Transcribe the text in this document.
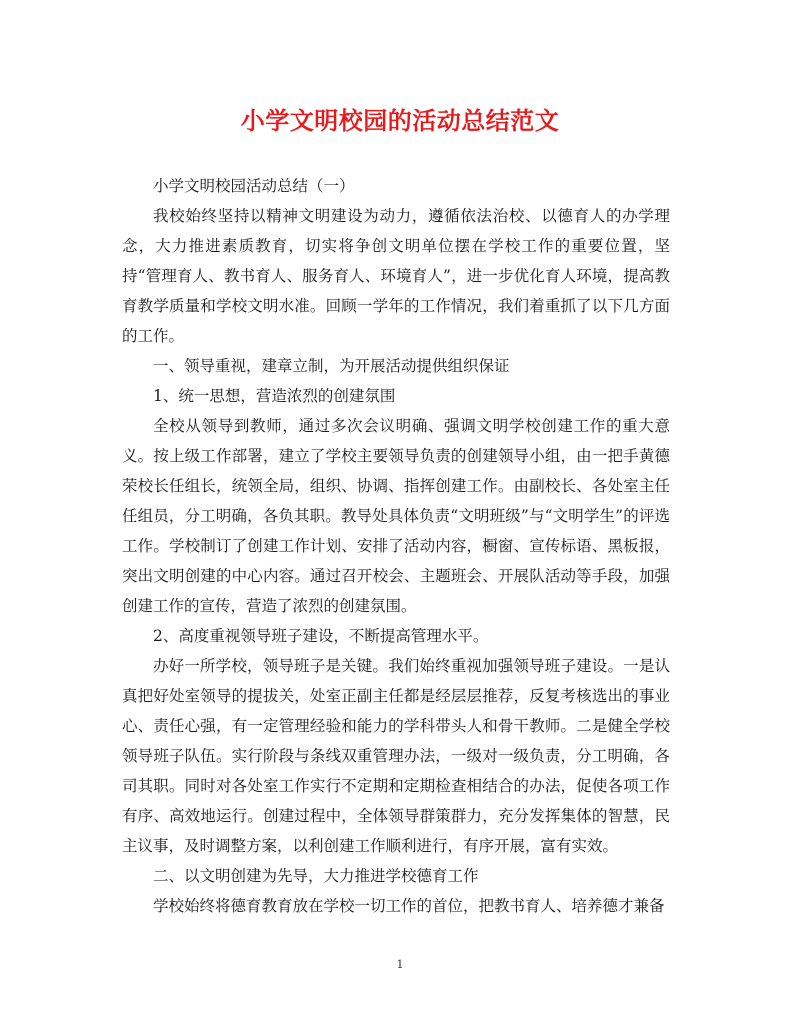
小学文明校园的活动总结范文

小学文明校园活动总结（一）

我校始终坚持以精神文明建设为动力，遵循依法治校、以德育人的办学理念，大力推进素质教育，切实将争创文明单位摆在学校工作的重要位置，坚持“管理育人、教书育人、服务育人、环境育人”，进一步优化育人环境，提高教育教学质量和学校文明水准。回顾一学年的工作情况，我们着重抓了以下几方面的工作。

一、领导重视，建章立制，为开展活动提供组织保证

1、统一思想，营造浓烈的创建氛围

全校从领导到教师，通过多次会议明确、强调文明学校创建工作的重大意义。按上级工作部署，建立了学校主要领导负责的创建领导小组，由一把手黄德荣校长任组长，统领全局，组织、协调、指挥创建工作。由副校长、各处室主任任组员，分工明确，各负其职。教导处具体负责“文明班级”与“文明学生”的评选工作。学校制订了创建工作计划、安排了活动内容，橱窗、宣传标语、黑板报，突出文明创建的中心内容。通过召开校会、主题班会、开展队活动等手段，加强创建工作的宣传，营造了浓烈的创建氛围。

2、高度重视领导班子建设，不断提高管理水平。

办好一所学校，领导班子是关键。我们始终重视加强领导班子建设。一是认真把好处室领导的提拔关，处室正副主任都是经层层推荐，反复考核选出的事业心、责任心强，有一定管理经验和能力的学科带头人和骨干教师。二是健全学校领导班子队伍。实行阶段与条线双重管理办法，一级对一级负责，分工明确，各司其职。同时对各处室工作实行不定期和定期检查相结合的办法，促使各项工作有序、高效地运行。创建过程中，全体领导群策群力，充分发挥集体的智慧，民主议事，及时调整方案，以利创建工作顺利进行，有序开展，富有实效。

二、以文明创建为先导，大力推进学校德育工作

学校始终将德育教育放在学校一切工作的首位，把教书育人、培养德才兼备

1
